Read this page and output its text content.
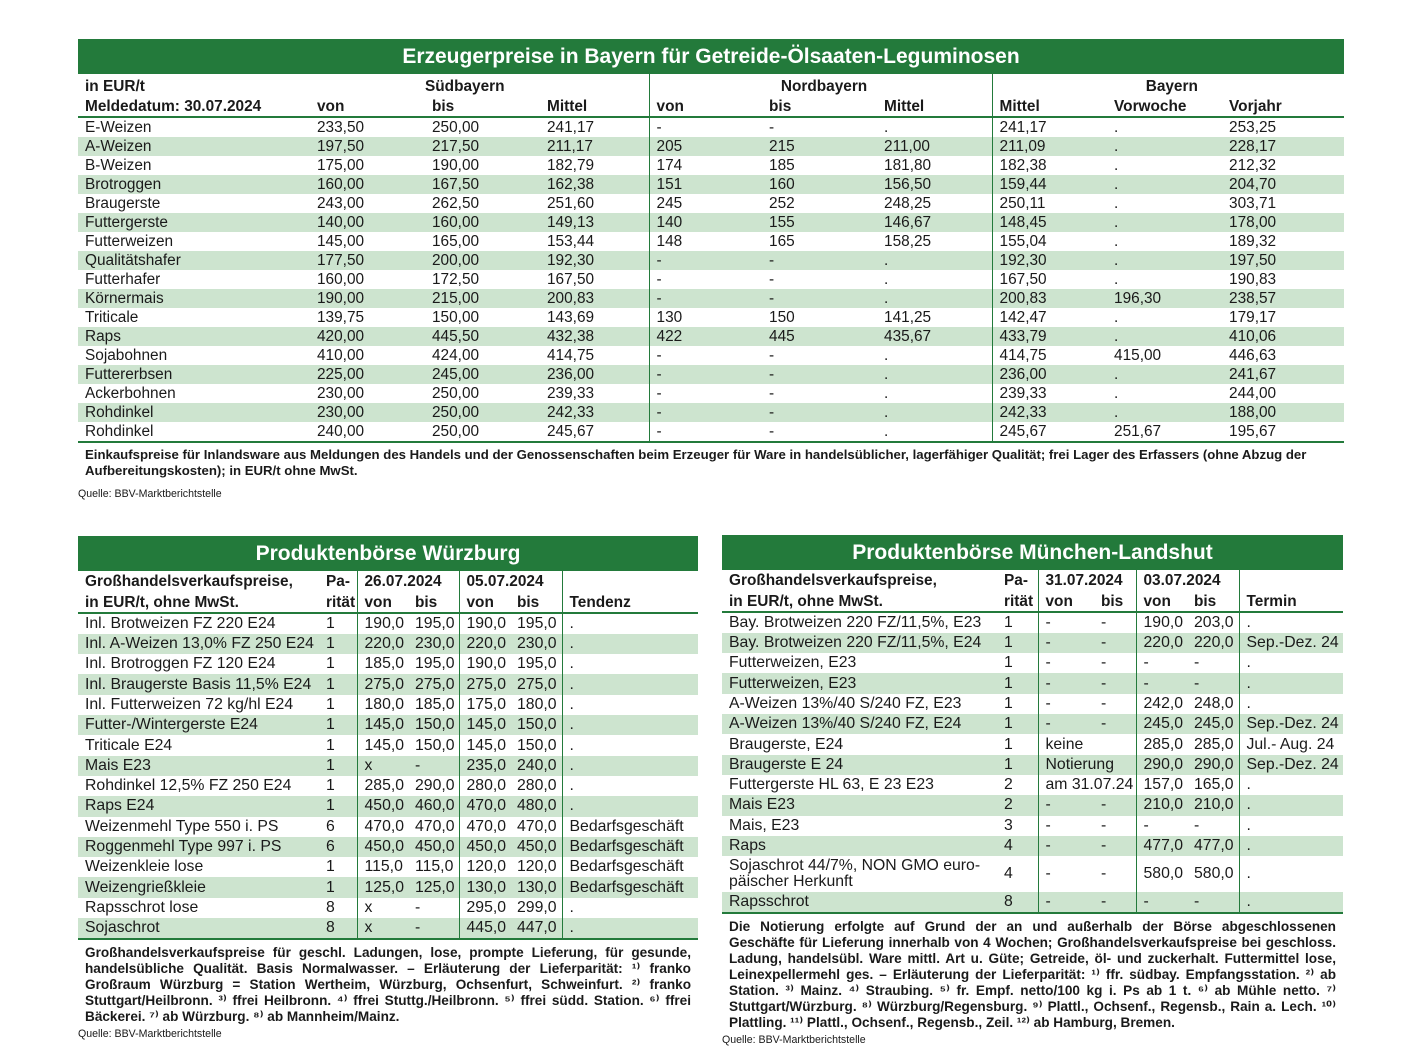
Erzeugerpreise in Bayern für Getreide-Ölsaaten-Leguminosen
in EUR/t		Südbayern		Nordbayern			Bayern		
Meldedatum: 30.07.2024	von	bis	Mittel	von	bis	Mittel	Mittel	Vorwoche	Vorjahr
E-Weizen	233,50	250,00	241,17	-	-	.	241,17	.	253,25
A-Weizen	197,50	217,50	211,17	205	215	211,00	211,09	.	228,17
B-Weizen	175,00	190,00	182,79	174	185	181,80	182,38	.	212,32
Brotroggen	160,00	167,50	162,38	151	160	156,50	159,44	.	204,70
Braugerste	243,00	262,50	251,60	245	252	248,25	250,11	.	303,71
Futtergerste	140,00	160,00	149,13	140	155	146,67	148,45	.	178,00
Futterweizen	145,00	165,00	153,44	148	165	158,25	155,04	.	189,32
Qualitätshafer	177,50	200,00	192,30	-	-	.	192,30	.	197,50
Futterhafer	160,00	172,50	167,50	-	-	.	167,50	.	190,83
Körnermais	190,00	215,00	200,83	-	-	.	200,83	196,30	238,57
Triticale	139,75	150,00	143,69	130	150	141,25	142,47	.	179,17
Raps	420,00	445,50	432,38	422	445	435,67	433,79	.	410,06
Sojabohnen	410,00	424,00	414,75	-	-	.	414,75	415,00	446,63
Futtererbsen	225,00	245,00	236,00	-	-	.	236,00	.	241,67
Ackerbohnen	230,00	250,00	239,33	-	-	.	239,33	.	244,00
Rohdinkel	230,00	250,00	242,33	-	-	.	242,33	.	188,00
Rohdinkel	240,00	250,00	245,67	-	-	.	245,67	251,67	195,67
Einkaufspreise für Inlandsware aus Meldungen des Handels und der Genossenschaften beim Erzeuger für Ware in handelsüblicher, lagerfähiger Qualität; frei Lager des Erfassers (ohne Abzug der Aufbereitungskosten); in EUR/t ohne MwSt.
Quelle: BBV-Marktberichtstelle
Produktenbörse Würzburg
Großhandelsverkaufspreise,	Pa-	26.07.2024		05.07.2024		
in EUR/t, ohne MwSt.	rität	von	bis	von	bis	Tendenz
Inl. Brotweizen FZ 220 E24	1	190,0	195,0	190,0	195,0	.
Inl. A-Weizen 13,0% FZ 250 E24	1	220,0	230,0	220,0	230,0	.
Inl. Brotroggen FZ 120 E24	1	185,0	195,0	190,0	195,0	.
Inl. Braugerste Basis 11,5% E24	1	275,0	275,0	275,0	275,0	.
Inl. Futterweizen 72 kg/hl E24	1	180,0	185,0	175,0	180,0	.
Futter-/Wintergerste E24	1	145,0	150,0	145,0	150,0	.
Triticale E24	1	145,0	150,0	145,0	150,0	.
Mais E23	1	x	-	235,0	240,0	.
Rohdinkel 12,5% FZ 250 E24	1	285,0	290,0	280,0	280,0	.
Raps E24	1	450,0	460,0	470,0	480,0	.
Weizenmehl Type 550 i. PS	6	470,0	470,0	470,0	470,0	Bedarfsgeschäft
Roggenmehl Type 997 i. PS	6	450,0	450,0	450,0	450,0	Bedarfsgeschäft
Weizenkleie lose	1	115,0	115,0	120,0	120,0	Bedarfsgeschäft
Weizengrießkleie	1	125,0	125,0	130,0	130,0	Bedarfsgeschäft
Rapsschrot lose	8	x	-	295,0	299,0	.
Sojaschrot	8	x	-	445,0	447,0	.
Großhandelsverkaufspreise für geschl. Ladungen, lose, prompte Lieferung, für gesunde, handelsübliche Qualität. Basis Normalwasser. – Erläuterung der Lieferparität: ¹⁾ franko Großraum Würzburg = Station Wertheim, Würzburg, Ochsenfurt, Schweinfurt. ²⁾ franko Stuttgart/Heilbronn. ³⁾ ffrei Heilbronn. ⁴⁾ ffrei Stuttg./Heilbronn. ⁵⁾ ffrei südd. Station. ⁶⁾ ffrei Bäckerei. ⁷⁾ ab Würzburg. ⁸⁾ ab Mannheim/Mainz.
Quelle: BBV-Marktberichtstelle
Produktenbörse München-Landshut
Großhandelsverkaufspreise,	Pa-	31.07.2024		03.07.2024		
in EUR/t, ohne MwSt.	rität	von	bis	von	bis	Termin
Bay. Brotweizen 220 FZ/11,5%, E23	1	-	-	190,0	203,0	.
Bay. Brotweizen 220 FZ/11,5%, E24	1	-	-	220,0	220,0	Sep.-Dez. 24
Futterweizen, E23	1	-	-	-	-	.
Futterweizen, E23	1	-	-	-	-	.
A-Weizen 13%/40 S/240 FZ, E23	1	-	-	242,0	248,0	.
A-Weizen 13%/40 S/240 FZ, E24	1	-	-	245,0	245,0	Sep.-Dez. 24
Braugerste, E24	1	keine		285,0	285,0	Jul.- Aug. 24
Braugerste E 24	1	Notierung		290,0	290,0	Sep.-Dez. 24
Futtergerste HL 63, E 23 E23	2	am 31.07.24		157,0	165,0	.
Mais E23	2	-	-	210,0	210,0	.
Mais, E23	3	-	-	-	-	.
Raps	4	-	-	477,0	477,0	.

Sojaschrot 44/7%, NON GMO euro-
päischer Herkunft	4	-	-	580,0	580,0	.
Rapsschrot	8	-	-	-	-	.
Die Notierung erfolgte auf Grund der an und außerhalb der Börse abgeschlossenen Geschäfte für Lieferung innerhalb von 4 Wochen; Großhandelsverkaufspreise bei geschloss. Ladung, handelsübl. Ware mittl. Art u. Güte; Getreide, öl- und zuckerhalt. Futtermittel lose, Leinexpellermehl ges. – Erläuterung der Lieferparität: ¹⁾ ffr. südbay. Empfangsstation. ²⁾ ab Station. ³⁾ Mainz. ⁴⁾ Straubing. ⁵⁾ fr. Empf. netto/100 kg i. Ps ab 1 t. ⁶⁾ ab Mühle netto. ⁷⁾ Stuttgart/Würzburg. ⁸⁾ Würzburg/Regensburg. ⁹⁾ Plattl., Ochsenf., Regensb., Rain a. Lech. ¹⁰⁾ Plattling. ¹¹⁾ Plattl., Ochsenf., Regensb., Zeil. ¹²⁾ ab Hamburg, Bremen.
Quelle: BBV-Marktberichtstelle
